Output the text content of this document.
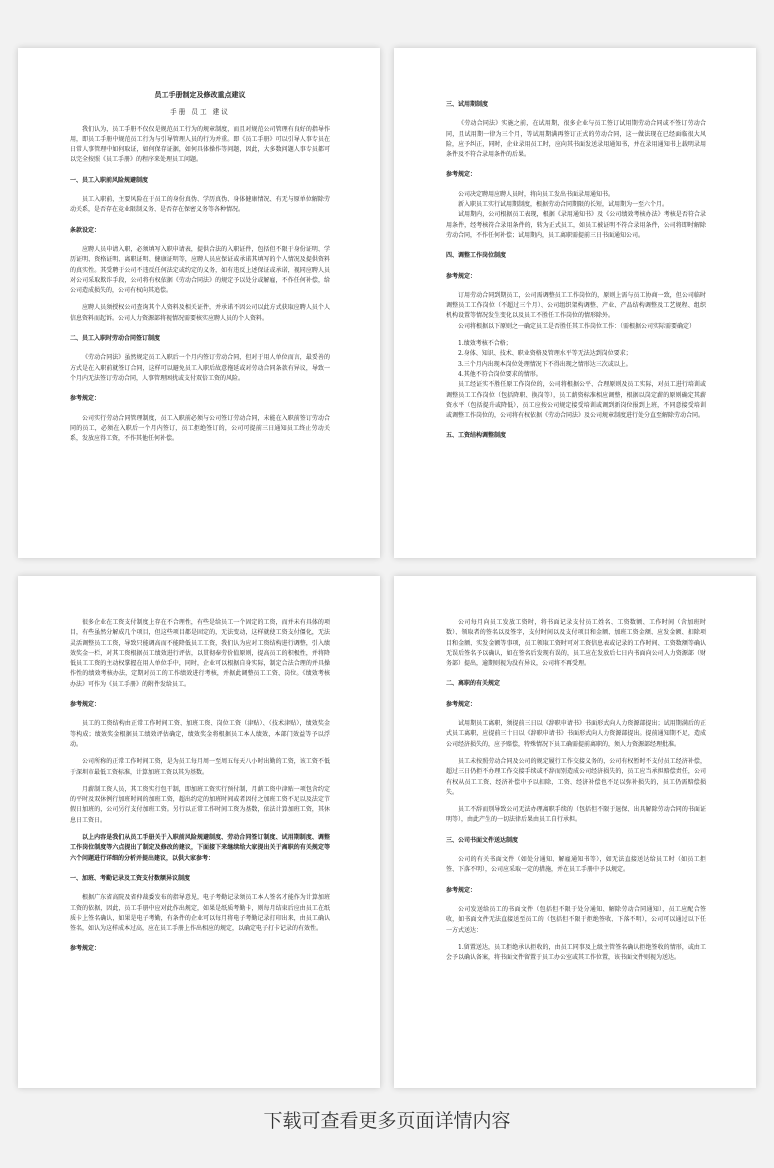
员工手册制定及修改重点建议
手册 员工 建议
我们认为，员工手册不仅仅是规范员工行为的规章制度，而且对规范公司管理有良好的指导作用，即员工手册中规范员工行为与引导管理人员的行为并重。即《员工手册》可以引导人事专员在日常人事管理中如何取证，如何保存证据，如何具体操作等问题，因此，大多数问题人事专员都可以完全按照《员工手册》的程序来处理员工问题。
一、员工入职前风险规避制度
员工入职前，主要风险在于员工的身份真伪、学历真伪、身体健康情况、有无与原单位解除劳动关系，是否存在竞业限制义务、是否存在保密义务等各种情况。
条款设定：
应聘人员申请入职，必须填写入职申请表，提供合法的入职证件，包括但不限于身份证明、学历证明、资格证明、离职证明、健康证明等，应聘人员应保证或承诺其填写的个人情况及提供资料的真实性。其受聘于公司不违反任何法定或约定的义务，如有违反上述保证或承诺，视同应聘人员对公司采取欺诈手段，公司将有权依据《劳动合同法》的规定予以处分或解雇，不作任何补偿，给公司造成损失的，公司有权向其追偿。
应聘人员须授权公司查询其个人资料及相关证件，并承诺不因公司以此方式获取应聘人员个人信息资料而起诉。公司人力资源部将视情况需要核实应聘人员的个人资料。
二、员工入职时劳动合同签订制度
《劳动合同法》虽然规定员工入职后一个月内签订劳动合同，但对于用人单位而言，最妥善的方式是在入职前就签订合同，这样可以避免员工入职后故意拖延或对劳动合同条款有异议，导致一个月内无法签订劳动合同，人事管理困扰或支付双倍工资的风险。
参考规定：
公司实行劳动合同管理制度，员工入职前必须与公司签订劳动合同，未能在入职前签订劳动合同的员工，必须在入职后一个月内签订，员工拒绝签订的，公司可提前三日通知员工终止劳动关系，发放应得工资，不作其他任何补偿。
三、试用期制度
《劳动合同法》实施之前，在试用期，很多企业与员工签订试用期劳动合同或不签订劳动合同，且试用期一律为三个月，等试用期满再签订正式的劳动合同，这一做法现在已经面临很大风险，应予纠正，同时，企业录用员工时，应向其书面发送录用通知书，并在录用通知书上载明录用条件及不符合录用条件的后果。
参考规定：
公司决定聘用应聘人员时，将向员工发出书面录用通知书。
新入职员工实行试用期制度，根据劳动合同期限的长短，试用期为一至六个月。
试用期内，公司根据员工表现，根据《录用通知书》及《公司绩效考核办法》考核是否符合录用条件，经考核符合录用条件的，转为正式员工，如员工被证明不符合录用条件，公司将即时解除劳动合同，不作任何补偿；试用期内，员工离职需提前三日书面通知公司。
四、调整工作岗位制度
参考规定：
订用劳动合同到期员工，公司需调整员工工作岗位的，原则上需与员工协商一致，但公司临时调整员工工作岗位（不超过三个月）、公司组织架构调整、产业、产品结构调整及工艺规程、组织机构设置等情况发生变化以及员工不胜任工作岗位的情形除外。
公司将根据以下原则之一确定员工是否胜任其工作岗位工作：（需根据公司实际需要确定）
1.绩效考核不合格；
2.身体、知识、技术、职业资格及管理水平等无法达到岗位要求；
3.三个月内出现本岗位处理情况下不得出现之情形达三次或以上。
4.其他不符合岗位要求的情形。
员工经证实不胜任原工作岗位的，公司将根据公平、合理原则及员工实际，对员工进行培训或调整员工工作岗位（包括降职、换岗等），员工薪资标准相应调整，根据以岗定薪的原则确定其薪资水平（包括提升或降低），员工应按公司规定接受培训或调到新岗位报到上班，不同意接受培训或调整工作岗位的，公司将有权依据《劳动合同法》及公司规章制度进行处分直至解除劳动合同。
五、工资结构调整制度
很多企业在工资支付制度上存在不合理性，有些是给员工一个固定的工资，而并未有具体的项目，有些虽然分解成几个项目，但这些项目都是固定的，无法变动，这样就使工资支付僵化，无法灵活调整员工工资，导致只能调高而不能降低员工工资，我们认为应对工资结构进行调整，引入绩效奖金一栏，对其工资根据员工绩效进行评估，以贯彻奉劳价值原则，提高员工的积极性，并将降低员工工资的主动权掌握在用人单位手中，同时，企业可以根据自身实际，制定合法合理的并具操作性的绩效考核办法，定期对员工的工作绩效进行考核，并据此调整员工工资、岗位。《绩效考核办法》可作为《员工手册》的附件发给员工。
参考规定：
员工的工资结构由正常工作时间工资、加班工资、岗位工资（津贴）、（技术津贴），绩效奖金等构成；绩效奖金根据员工绩效评估确定，绩效奖金将根据员工本人绩效，本部门效益等予以浮动。
公司所称的正常工作时间工资，是为员工每月周一至周五每天八小时出勤的工资，该工资不低于深圳市最低工资标准，计算加班工资以其为基数。
月薪制工资人员，其工资实行包干制，即加班工资实行预付制，月薪工资中津贴一项包含约定的平时及双休例行加班时间的加班工资，超出约定的加班时间或者因付之加班工资不足以及法定节假日加班的，公司另行支付加班工资。另行以正常工作时间工资为基数，依法计算加班工资，其休息日工资日。
以上内容是我们从员工手册关于入职前风险规避制度、劳动合同签订制度、试用期制度、调整工作岗位制度等六点提出了制定及修改的建议，下面接下来继续给大家提出关于离职的有关规定等六个问题进行详细的分析并提出建议，以供大家参考：
一、加班、考勤记录及工资支付数额异议制度
根据广东省高院及省仲裁委发布的指导意见，电子考勤记录须员工本人签名才能作为计算加班工资的依据，因此，员工手册中应对此作出规定，如果是纸质考勤卡，则每月结束后应由员工在纸质卡上签名确认，如果是电子考勤，有条件的企业可以每月将电子考勤记录打印出来，由员工确认签名，如认为这样成本过高，应在员工手册上作出相应的规定，以确定电子打卡记录的有效性。
参考规定：
公司每月向员工发放工资时，将书面记录支付员工姓名、工资数额、工作时间（含加班时数）、领取者的签名以及签字，支付时间以及支付项目和金额、加班工资金额、应发金额、扣除项目和金额、实发金额等事项，员工领取工资时可对工资信息表或记录的工作时间、工资数额等确认无误后签名予以确认，如在签名后发现有误的，员工应在发放后七日内书面向公司人力资源部（财务部）提出，逾期则视为没有异议，公司将不再受理。
二、离职的有关规定
参考规定：
试用期员工离职，须提前三日以《辞职申请书》书面形式向人力资源部提出；试用期满后的正式员工离职，应提前三十日以《辞职申请书》书面形式向人力资源部提出。提前通知期不足，造成公司经济损失的，应予赔偿，特殊情况下员工确需提前离职的，须人力资源部经理批准。
员工未按照劳动合同及公司的规定履行工作交接义务的，公司有权暂时不支付员工经济补偿，超过三日仍拒不办理工作交接手续或不辞而别造成公司经济损失的，员工应当承担赔偿责任，公司有权从员工工资、经济补偿中予以扣除，工资、经济补偿也不足以弥补损失的，员工仍需赔偿损失。
员工不辞而别导致公司无法办理离职手续的（包括但不限于退保、出具解除劳动合同的书面证明等），由此产生的一切法律后果由员工自行承担。
三、公司书面文件送达制度
公司的有关书面文件（如处分通知、解雇通知书等），如无法直接送达给员工时（如员工拒签、下落不明），公司应采取一定的措施，并在员工手册中予以规定。
参考规定：
公司发送给员工的书面文件（包括但不限于处分通知、解除劳动合同通知），员工应配合签收，如书面文件无法直接送至员工的（包括但不限于拒绝签收、下落不明），公司可以通过以下任一方式送达：
1.留置送达，员工拒绝承认拒收的，由员工同事及上级主管签名确认拒绝签收的情形，或由工会予以确认备案，将书面文件留置于员工办公室或其工作位置，该书面文件则视为送达。
下载可查看更多页面详情内容
